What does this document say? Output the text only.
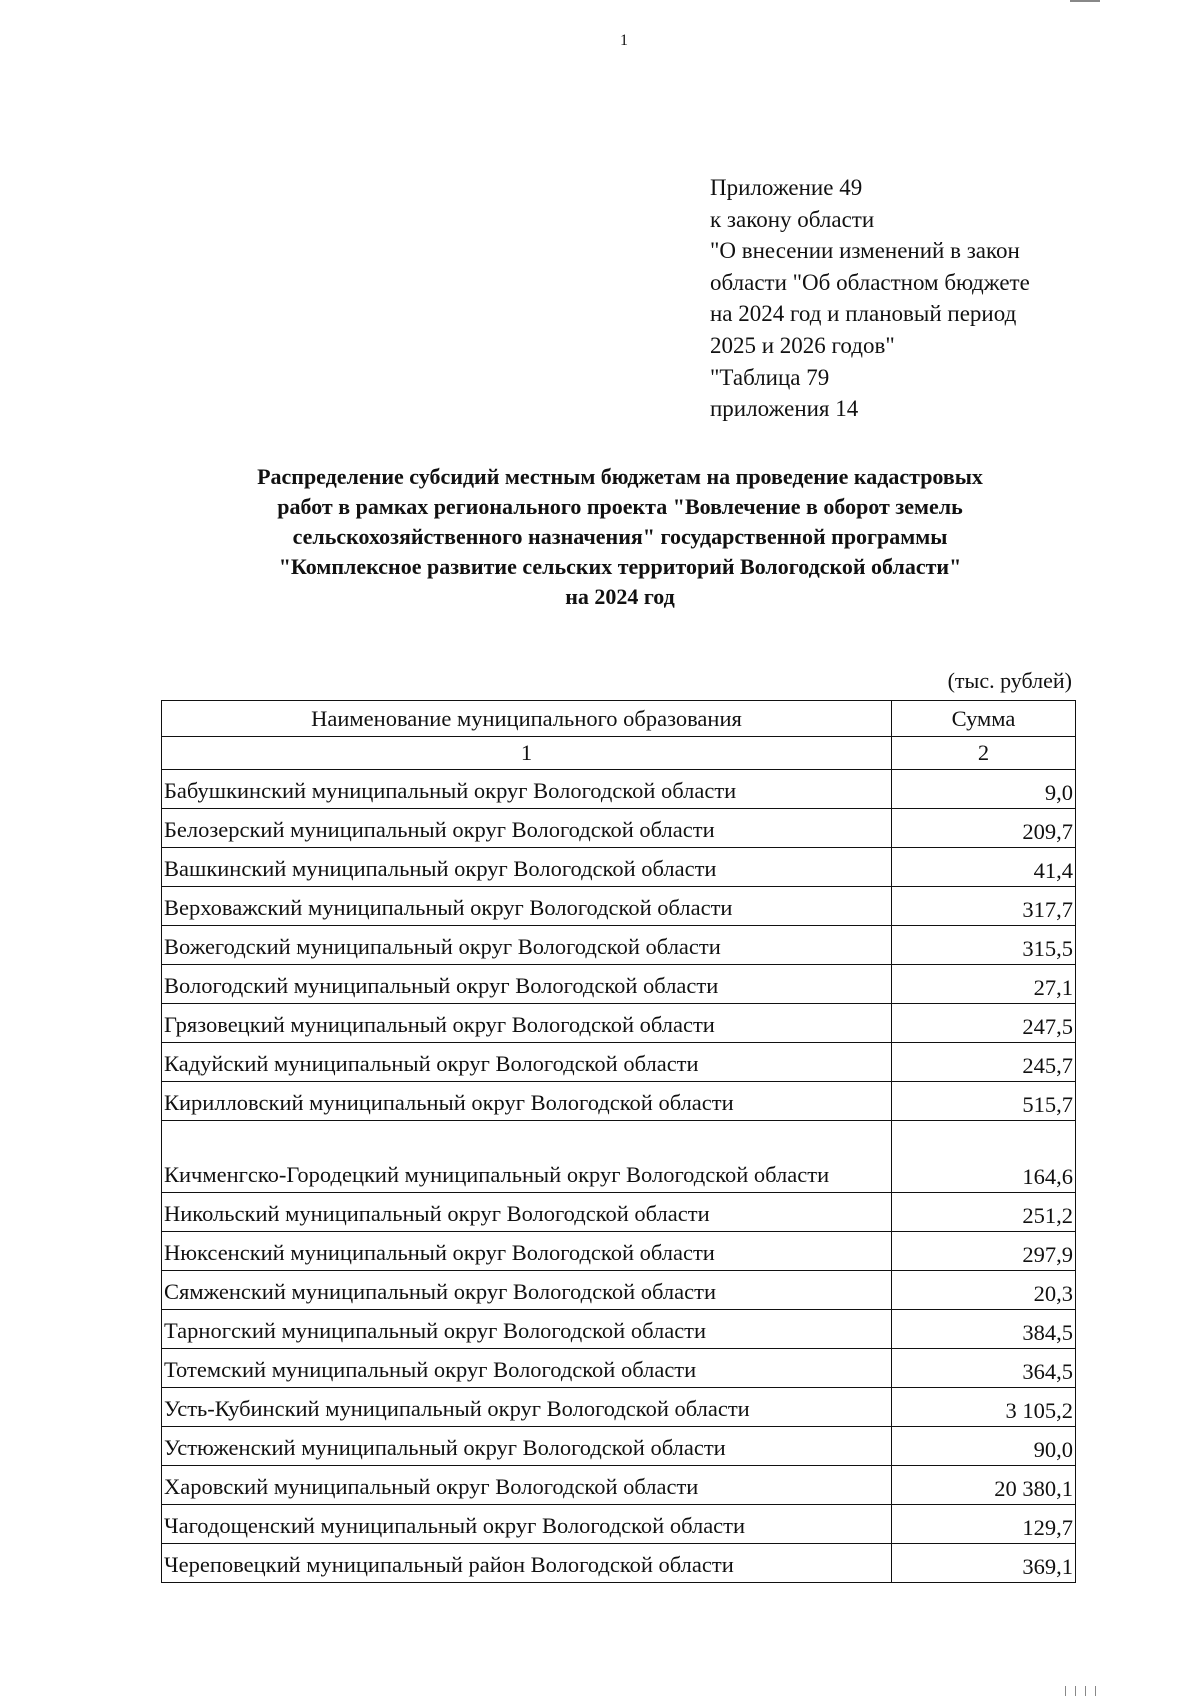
1
Приложение 49
к закону области
"О внесении изменений в закон
области "Об областном бюджете
на 2024 год и плановый период
2025 и 2026 годов"
"Таблица 79
приложения 14
Распределение субсидий местным бюджетам на проведение кадастровых
работ в рамках регионального проекта "Вовлечение в оборот земель
сельскохозяйственного назначения" государственной программы
"Комплексное развитие сельских территорий Вологодской области"
на 2024 год
(тыс. рублей)
Наименование муниципального образования	Сумма
1	2
Бабушкинский муниципальный округ Вологодской области	9,0
Белозерский муниципальный округ Вологодской области	209,7
Вашкинский муниципальный округ Вологодской области	41,4
Верховажский муниципальный округ Вологодской области	317,7
Вожегодский муниципальный округ Вологодской области	315,5
Вологодский муниципальный округ Вологодской области	27,1
Грязовецкий муниципальный округ Вологодской области	247,5
Кадуйский муниципальный округ Вологодской области	245,7
Кирилловский муниципальный округ Вологодской области	515,7
Кичменгско-Городецкий муниципальный округ Вологодской области	164,6
Никольский муниципальный округ Вологодской области	251,2
Нюксенский муниципальный округ Вологодской области	297,9
Сямженский муниципальный округ Вологодской области	20,3
Тарногский муниципальный округ Вологодской области	384,5
Тотемский муниципальный округ Вологодской области	364,5
Усть-Кубинский муниципальный округ Вологодской области	3 105,2
Устюженский муниципальный округ Вологодской области	90,0
Харовский муниципальный округ Вологодской области	20 380,1
Чагодощенский муниципальный округ Вологодской области	129,7
Череповецкий муниципальный район Вологодской области	369,1
